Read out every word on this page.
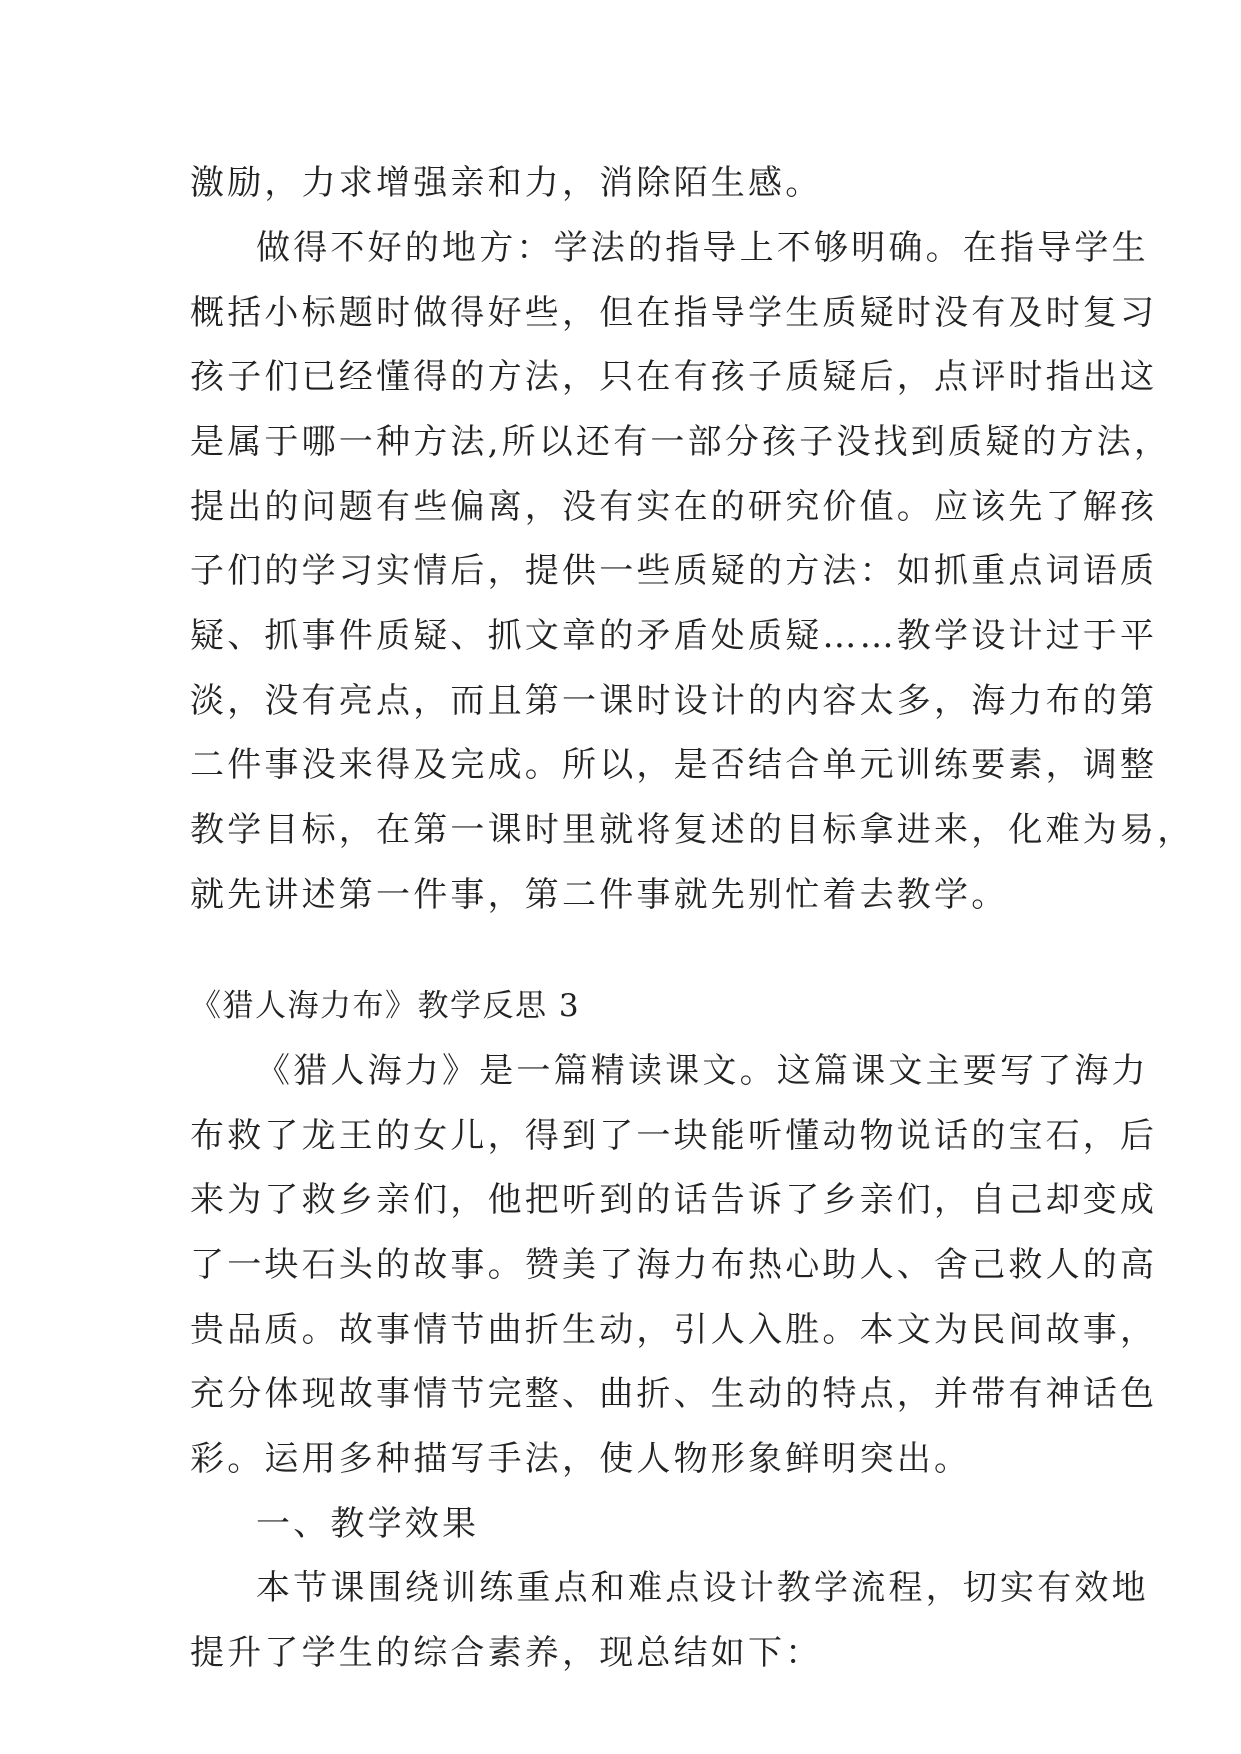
激励，力求增强亲和力，消除陌生感。
做得不好的地方：学法的指导上不够明确。在指导学生
概括小标题时做得好些，但在指导学生质疑时没有及时复习
孩子们已经懂得的方法，只在有孩子质疑后，点评时指出这
是属于哪一种方法,所以还有一部分孩子没找到质疑的方法，
提出的问题有些偏离，没有实在的研究价值。应该先了解孩
子们的学习实情后，提供一些质疑的方法：如抓重点词语质
疑、抓事件质疑、抓文章的矛盾处质疑……教学设计过于平
淡，没有亮点，而且第一课时设计的内容太多，海力布的第
二件事没来得及完成。所以，是否结合单元训练要素，调整
教学目标，在第一课时里就将复述的目标拿进来，化难为易，
就先讲述第一件事，第二件事就先别忙着去教学。
《猎人海力布》教学反思 3
《猎人海力》是一篇精读课文。这篇课文主要写了海力
布救了龙王的女儿，得到了一块能听懂动物说话的宝石，后
来为了救乡亲们，他把听到的话告诉了乡亲们，自己却变成
了一块石头的故事。赞美了海力布热心助人、舍己救人的高
贵品质。故事情节曲折生动，引人入胜。本文为民间故事，
充分体现故事情节完整、曲折、生动的特点，并带有神话色
彩。运用多种描写手法，使人物形象鲜明突出。
一、教学效果
本节课围绕训练重点和难点设计教学流程，切实有效地
提升了学生的综合素养，现总结如下：
